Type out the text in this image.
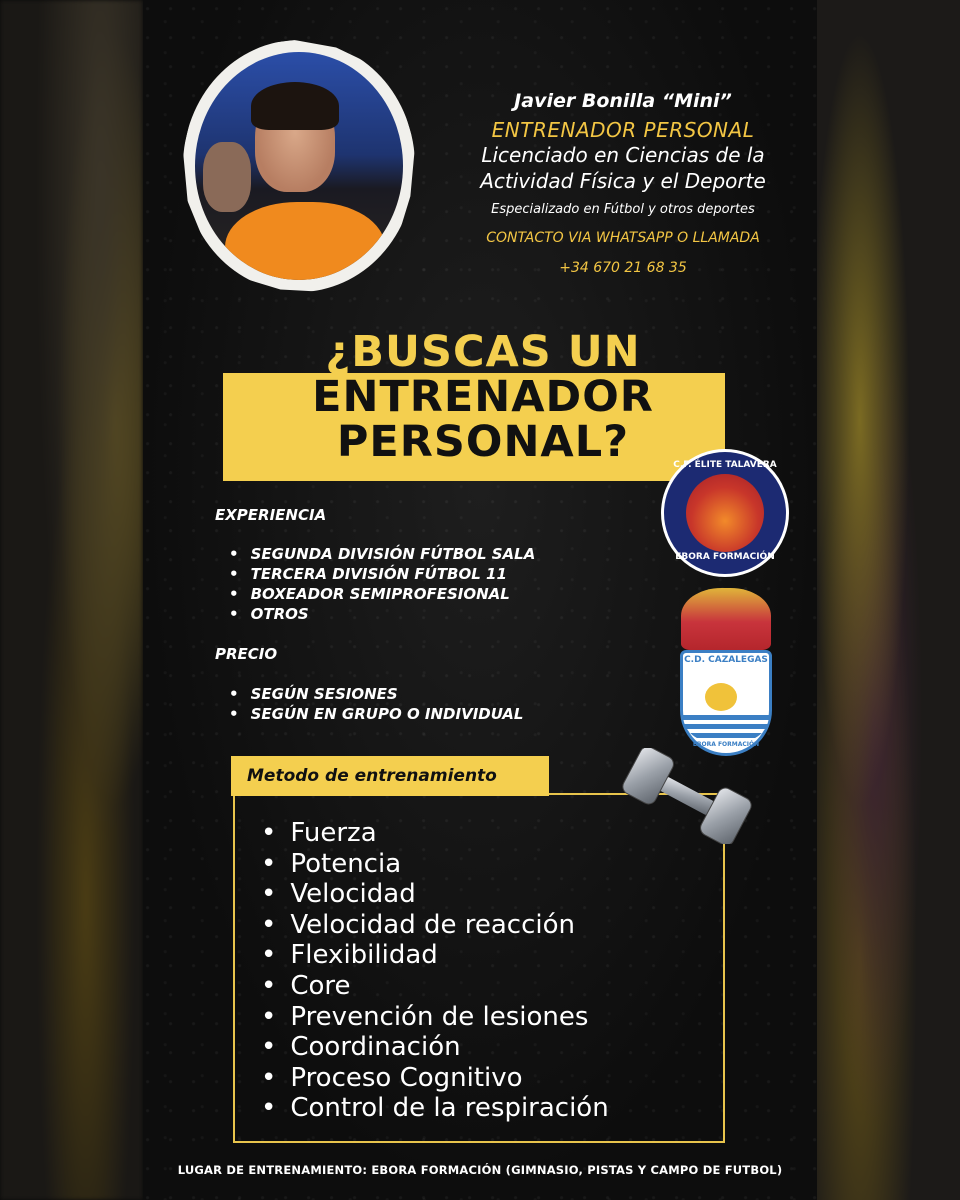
Javier Bonilla “Mini”
ENTRENADOR PERSONAL
Licenciado en Ciencias de la
Actividad Física y el Deporte
Especializado en Fútbol y otros deportes
CONTACTO VIA WHATSAPP O LLAMADA
+34 670 21 68 35
¿BUSCAS UN
ENTRENADOR
PERSONAL?	C.F. ÉLITE TALAVERA
EBORA FORMACIÓN
C.D. CAZALEGAS
EBORA FORMACIÓN
EXPERIENCIA
• SEGUNDA DIVISIÓN FÚTBOL SALA
• TERCERA DIVISIÓN FÚTBOL 11
• BOXEADOR SEMIPROFESIONAL
• OTROS
PRECIO
• SEGÚN SESIONES
• SEGÚN EN GRUPO O INDIVIDUAL
Metodo de entrenamiento
• Fuerza
• Potencia
• Velocidad
• Velocidad de reacción
• Flexibilidad
• Core
• Prevención de lesiones
• Coordinación
• Proceso Cognitivo
• Control de la respiración
LUGAR DE ENTRENAMIENTO: EBORA FORMACIÓN (GIMNASIO, PISTAS Y CAMPO DE FUTBOL)
